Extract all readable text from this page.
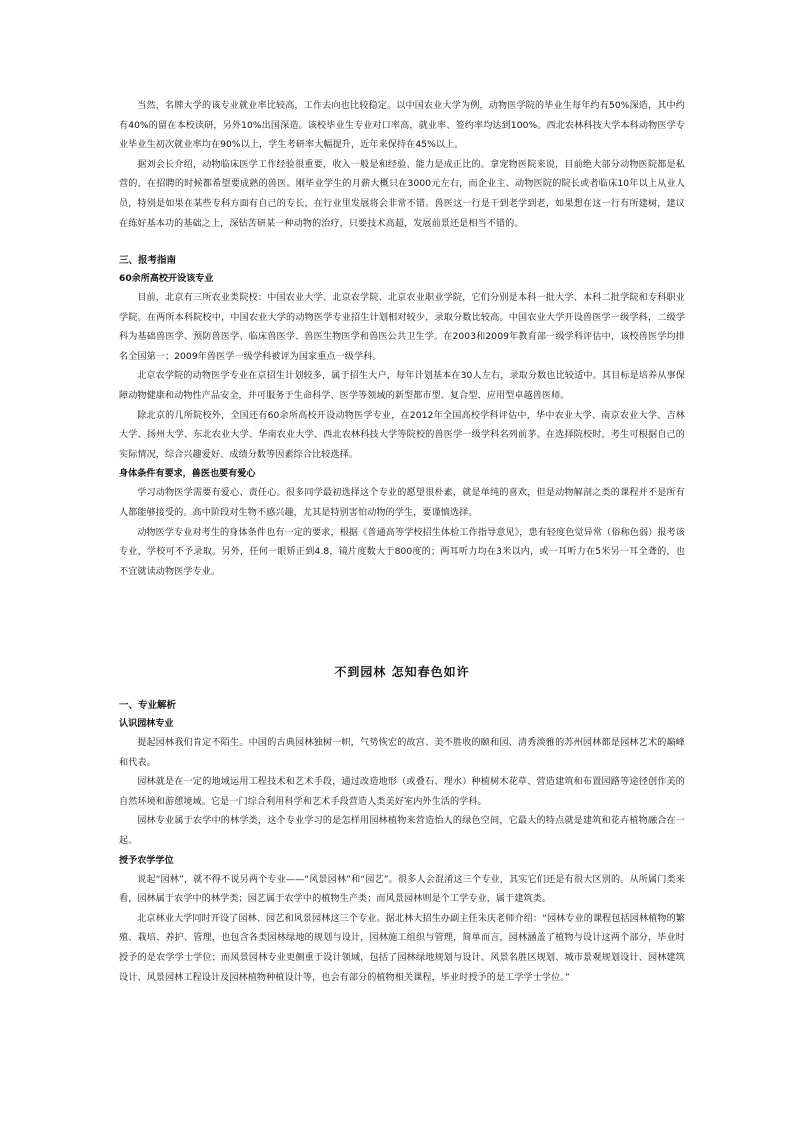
当然，名牌大学的该专业就业率比较高，工作去向也比较稳定。以中国农业大学为例，动物医学院的毕业生每年约有50%深造，其中约有40%的留在本校读研，另外10%出国深造。该校毕业生专业对口率高，就业率、签约率均达到100%。西北农林科技大学本科动物医学专业毕业生初次就业率均在90%以上，学生考研率大幅提升，近年来保持在45%以上。

据刘会长介绍，动物临床医学工作经验很重要，收入一般是和经验、能力是成正比的。拿宠物医院来说，目前绝大部分动物医院都是私营的，在招聘的时候都希望要成熟的兽医。刚毕业学生的月薪大概只在3000元左右，而企业主、动物医院的院长或者临床10年以上从业人员，特别是如果在某些专科方面有自己的专长，在行业里发展将会非常不错。兽医这一行是干到老学到老，如果想在这一行有所建树，建议在练好基本功的基础之上，深钻苦研某一种动物的治疗，只要技术高超，发展前景还是相当不错的。

三、报考指南
60余所高校开设该专业

目前，北京有三所农业类院校：中国农业大学、北京农学院、北京农业职业学院，它们分别是本科一批大学、本科二批学院和专科职业学院。在两所本科院校中，中国农业大学的动物医学专业招生计划相对较少，录取分数比较高。中国农业大学开设兽医学一级学科，二级学科为基础兽医学、预防兽医学、临床兽医学、兽医生物医学和兽医公共卫生学。在2003和2009年教育部一级学科评估中，该校兽医学均排名全国第一；2009年兽医学一级学科被评为国家重点一级学科。

北京农学院的动物医学专业在京招生计划较多，属于招生大户，每年计划基本在30人左右，录取分数也比较适中。其目标是培养从事保障动物健康和动物性产品安全，并可服务于生命科学、医学等领域的新型都市型、复合型、应用型卓越兽医师。

除北京的几所院校外，全国还有60余所高校开设动物医学专业，在2012年全国高校学科评估中，华中农业大学、南京农业大学、吉林大学、扬州大学、东北农业大学、华南农业大学、西北农林科技大学等院校的兽医学一级学科名列前茅。在选择院校时，考生可根据自己的实际情况，综合兴趣爱好、成绩分数等因素综合比较选择。

身体条件有要求，兽医也要有爱心

学习动物医学需要有爱心、责任心。很多同学最初选择这个专业的愿望很朴素，就是单纯的喜欢，但是动物解剖之类的课程并不是所有人都能够接受的。高中阶段对生物不感兴趣，尤其是特别害怕动物的学生，要谨慎选择。

动物医学专业对考生的身体条件也有一定的要求，根据《普通高等学校招生体检工作指导意见》，患有轻度色觉异常（俗称色弱）报考该专业，学校可不予录取。另外，任何一眼矫正到4.8，镜片度数大于800度的；两耳听力均在3米以内，或一耳听力在5米另一耳全聋的，也不宜就读动物医学专业。

不到园林 怎知春色如许
一、专业解析
认识园林专业

提起园林我们肯定不陌生。中国的古典园林独树一帜，气势恢宏的故宫、美不胜收的颐和园、清秀淡雅的苏州园林都是园林艺术的巅峰和代表。

园林就是在一定的地域运用工程技术和艺术手段，通过改造地形（或叠石、理水）种植树木花草、营造建筑和布置园路等途径创作美的自然环境和游憩境域。它是一门综合利用科学和艺术手段营造人类美好室内外生活的学科。

园林专业属于农学中的林学类，这个专业学习的是怎样用园林植物来营造怡人的绿色空间，它最大的特点就是建筑和花卉植物融合在一起。

授予农学学位

说起“园林”，就不得不说另两个专业——“风景园林”和“园艺”。很多人会混淆这三个专业，其实它们还是有很大区别的。从所属门类来看，园林属于农学中的林学类；园艺属于农学中的植物生产类；而风景园林则是个工学专业，属于建筑类。

北京林业大学同时开设了园林、园艺和风景园林这三个专业。据北林大招生办副主任朱庆老师介绍：“园林专业的课程包括园林植物的繁殖、栽培、养护、管理，也包含各类园林绿地的规划与设计，园林施工组织与管理，简单而言，园林涵盖了植物与设计这两个部分，毕业时授予的是农学学士学位；而风景园林专业更侧重于设计领域，包括了园林绿地规划与设计、风景名胜区规划、城市景观规划设计、园林建筑设计、风景园林工程设计及园林植物种植设计等，也会有部分的植物相关课程，毕业时授予的是工学学士学位。”
